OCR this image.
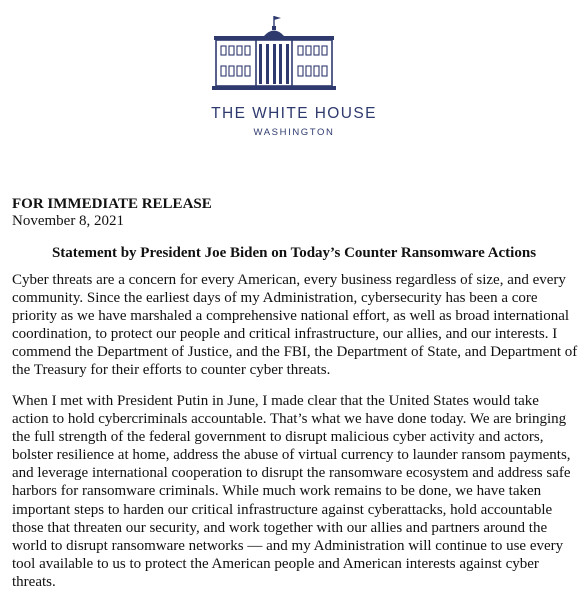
THE WHITE HOUSE
WASHINGTON
FOR IMMEDIATE RELEASE
November 8, 2021
Statement by President Joe Biden on Today’s Counter Ransomware Actions

Cyber threats are a concern for every American, every business regardless of size, and every community. Since the earliest days of my Administration, cybersecurity has been a core priority as we have marshaled a comprehensive national effort, as well as broad international coordination, to protect our people and critical infrastructure, our allies, and our interests. I commend the Department of Justice, and the FBI, the Department of State, and Department of the Treasury for their efforts to counter cyber threats.

When I met with President Putin in June, I made clear that the United States would take action to hold cybercriminals accountable. That’s what we have done today. We are bringing the full strength of the federal government to disrupt malicious cyber activity and actors, bolster resilience at home, address the abuse of virtual currency to launder ransom payments, and leverage international cooperation to disrupt the ransomware ecosystem and address safe harbors for ransomware criminals. While much work remains to be done, we have taken important steps to harden our critical infrastructure against cyberattacks, hold accountable those that threaten our security, and work together with our allies and partners around the world to disrupt ransomware networks — and my Administration will continue to use every tool available to us to protect the American people and American interests against cyber threats.
